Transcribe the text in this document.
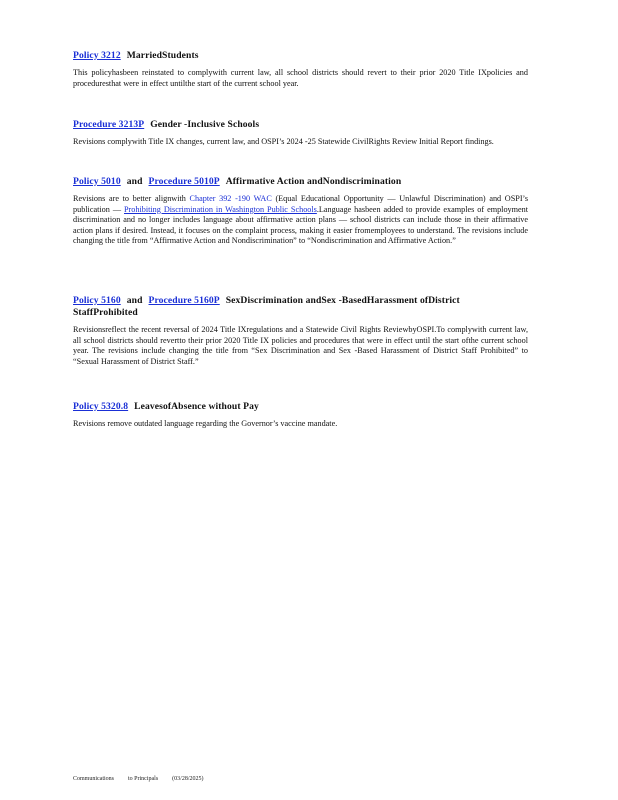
Policy 3212 MarriedStudents
This policyhasbeen reinstated to complywith current law, all school districts should revert to their prior 2020 Title IXpolicies and proceduresthat were in effect untilthe start of the current school year.
Procedure 3213P Gender -Inclusive Schools
Revisions complywith Title IX changes, current law, and OSPI’s 2024 -25 Statewide CivilRights Review Initial Report findings.
Policy 5010 and Procedure 5010P Affirmative Action andNondiscrimination
Revisions are to better alignwith Chapter 392 -190 WAC (Equal Educational Opportunity — Unlawful Discrimination) and OSPI’s publication — Prohibiting Discrimination in Washington Public Schools.Language hasbeen added to provide examples of employment discrimination and no longer includes language about affirmative action plans — school districts can include those in their affirmative action plans if desired. Instead, it focuses on the complaint process, making it easier fromemployees to understand. The revisions include changing the title from “Affirmative Action and Nondiscrimination” to “Nondiscrimination and Affirmative Action.”
Policy 5160 and Procedure 5160P SexDiscrimination andSex -BasedHarassment ofDistrict StaffProhibited
Revisionsreflect the recent reversal of 2024 Title IXregulations and a Statewide Civil Rights ReviewbyOSPI.To complywith current law, all school districts should revertto their prior 2020 Title IX policies and procedures that were in effect until the start ofthe current school year. The revisions include changing the title from “Sex Discrimination and Sex -Based Harassment of District Staff Prohibited” to “Sexual Harassment of District Staff.”
Policy 5320.8 LeavesofAbsence without Pay
Revisions remove outdated language regarding the Governor’s vaccine mandate.
Communications to Principals (03/28/2025)
